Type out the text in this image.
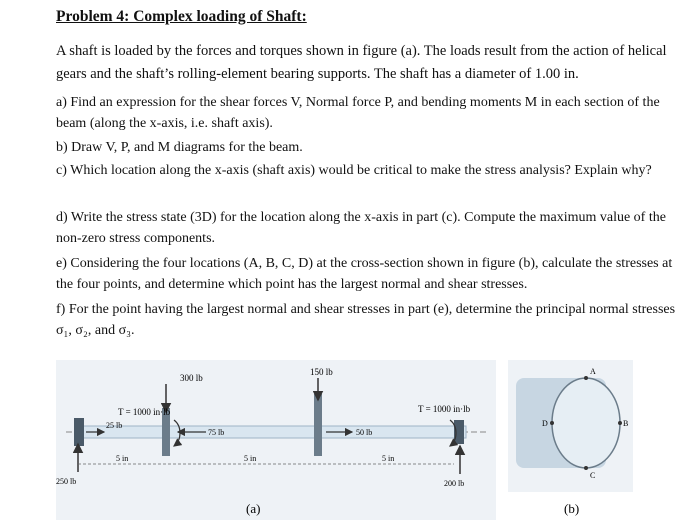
Problem 4: Complex loading of Shaft:
A shaft is loaded by the forces and torques shown in figure (a). The loads result from the action of helical gears and the shaft’s rolling-element bearing supports. The shaft has a diameter of 1.00 in.
a) Find an expression for the shear forces V, Normal force P, and bending moments M in each section of the beam (along the x-axis, i.e. shaft axis).
b) Draw V, P, and M diagrams for the beam.
c) Which location along the x-axis (shaft axis) would be critical to make the stress analysis? Explain why?
d) Write the stress state (3D) for the location along the x-axis in part (c). Compute the maximum value of the non-zero stress components.
e) Considering the four locations (A, B, C, D) at the cross-section shown in figure (b), calculate the stresses at the four points, and determine which point has the largest normal and shear stresses.
f) For the point having the largest normal and shear stresses in part (e), determine the principal normal stresses σ₁, σ₂, and σ₃.
300 lb
150 lb
T = 1000 in·lb	T = 1000 in·lb
25 lb
75 lb	50 lb
250 lb	200 lb
5 in	5 in	5 in
(a)
A
B
C
D
(b)
